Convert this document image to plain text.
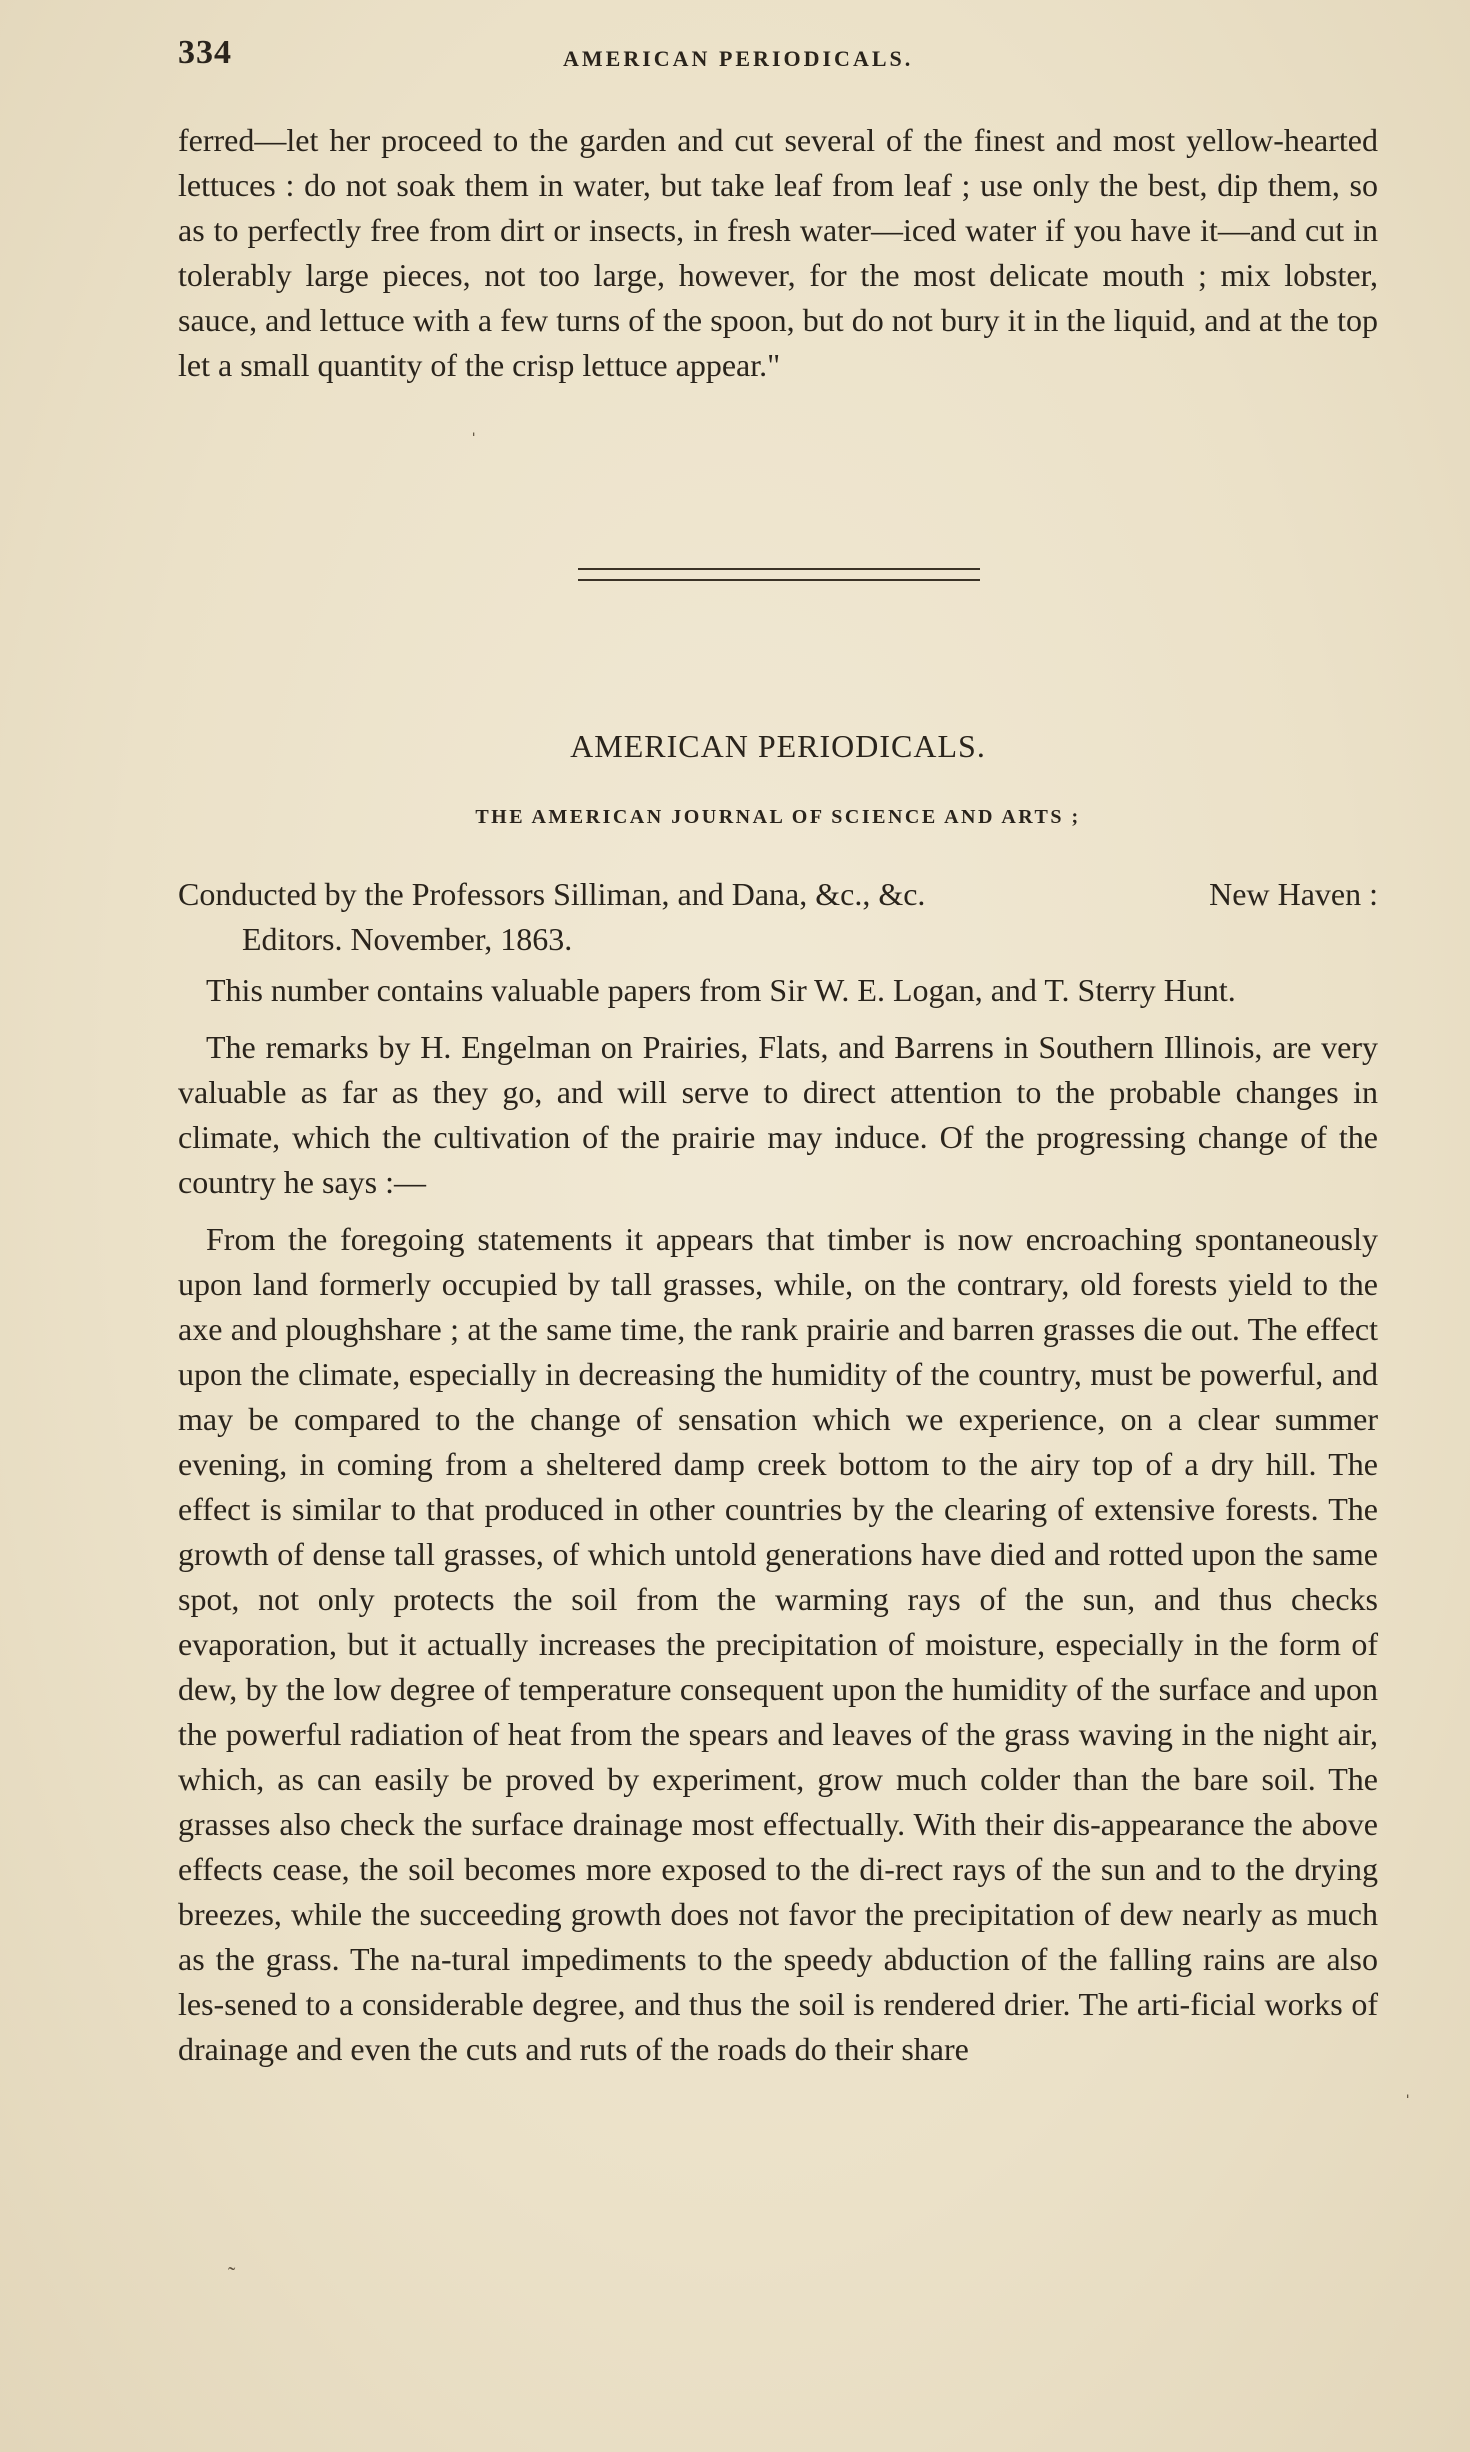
334	AMERICAN PERIODICALS.

ferred—let her proceed to the garden and cut several of the finest and most yellow-hearted lettuces : do not soak them in water, but take leaf from leaf ; use only the best, dip them, so as to perfectly free from dirt or insects, in fresh water—iced water if you have it—and cut in tolerably large pieces, not too large, however, for the most delicate mouth ; mix lobster, sauce, and lettuce with a few turns of the spoon, but do not bury it in the liquid, and at the top let a small quantity of the crisp lettuce appear."

AMERICAN PERIODICALS.
THE AMERICAN JOURNAL OF SCIENCE AND ARTS ;
Conducted by the Professors Silliman, and Dana, &c., &c.	New Haven :
Editors. November, 1863.

This number contains valuable papers from Sir W. E. Logan, and T. Sterry Hunt.

The remarks by H. Engelman on Prairies, Flats, and Barrens in Southern Illinois, are very valuable as far as they go, and will serve to direct attention to the probable changes in climate, which the cultivation of the prairie may induce. Of the progressing change of the country he says :—

From the foregoing statements it appears that timber is now encroaching spontaneously upon land formerly occupied by tall grasses, while, on the contrary, old forests yield to the axe and ploughshare ; at the same time, the rank prairie and barren grasses die out. The effect upon the climate, especially in decreasing the humidity of the country, must be powerful, and may be compared to the change of sensation which we experience, on a clear summer evening, in coming from a sheltered damp creek bottom to the airy top of a dry hill. The effect is similar to that produced in other countries by the clearing of extensive forests. The growth of dense tall grasses, of which untold generations have died and rotted upon the same spot, not only protects the soil from the warming rays of the sun, and thus checks evaporation, but it actually increases the precipitation of moisture, especially in the form of dew, by the low degree of temperature consequent upon the humidity of the surface and upon the powerful radiation of heat from the spears and leaves of the grass waving in the night air, which, as can easily be proved by experiment, grow much colder than the bare soil. The grasses also check the surface drainage most effectually. With their dis-appearance the above effects cease, the soil becomes more exposed to the di-rect rays of the sun and to the drying breezes, while the succeeding growth does not favor the precipitation of dew nearly as much as the grass. The na-tural impediments to the speedy abduction of the falling rains are also les-sened to a considerable degree, and thus the soil is rendered drier. The arti-ficial works of drainage and even the cuts and ruts of the roads do their share

ˈ
ˈ
˜
